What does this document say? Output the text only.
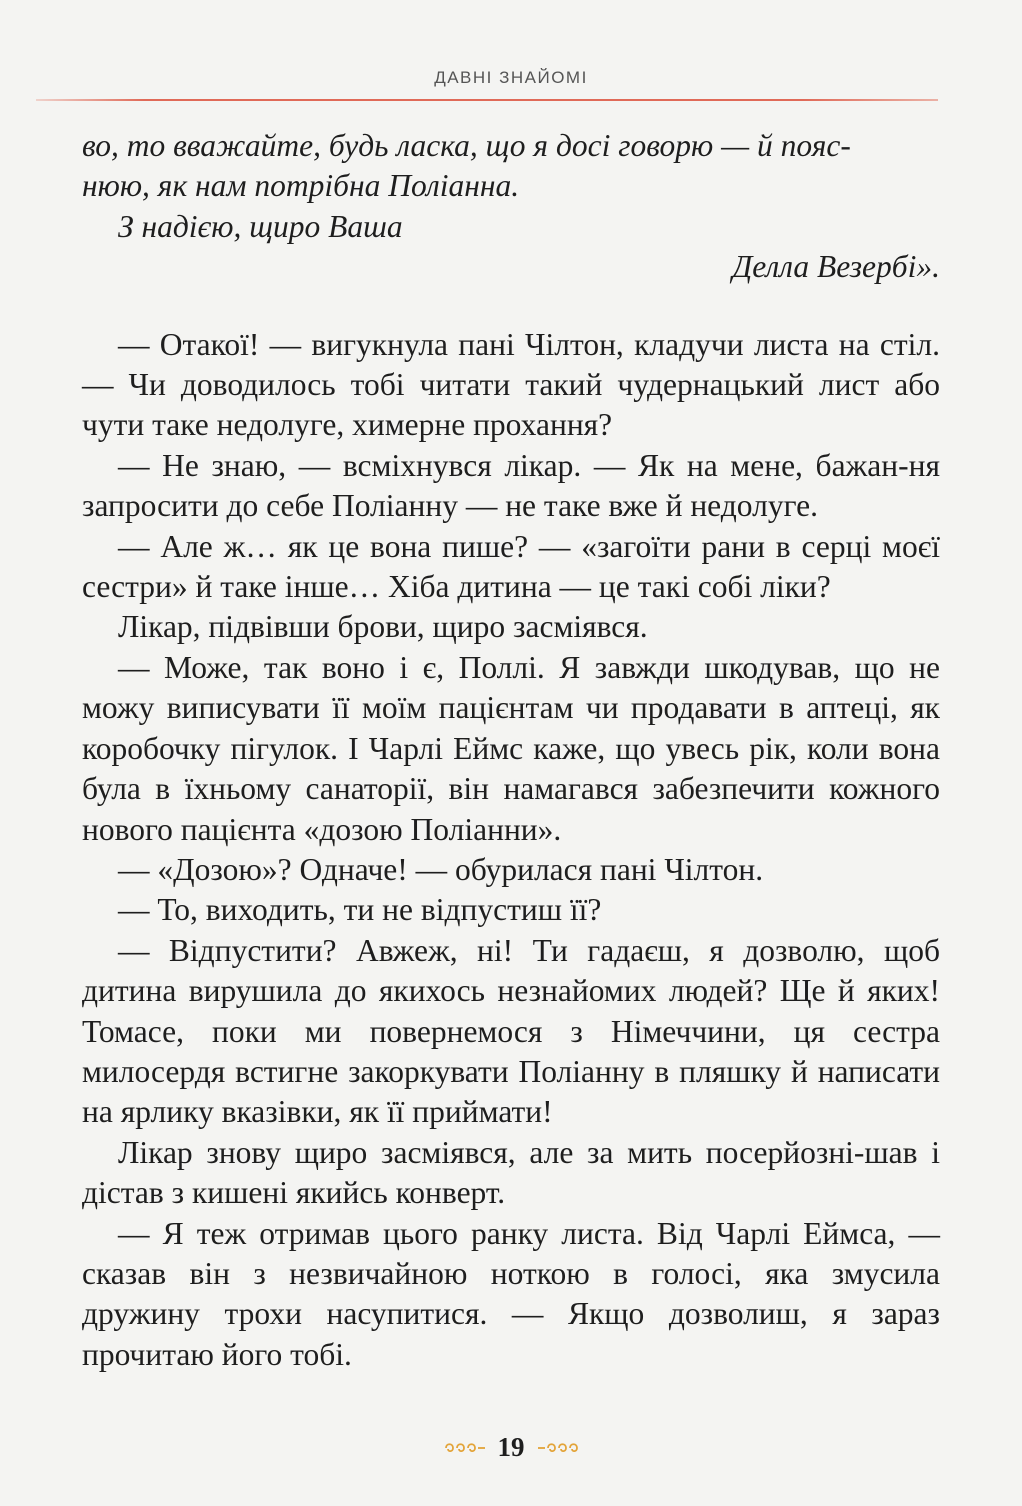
ДАВНІ ЗНАЙОМІ

во, то вважайте, будь ласка, що я досі говорю — й пояс-

нюю, як нам потрібна Поліанна.

З надією, щиро Ваша

Делла Везербі».

— Отакої! — вигукнула пані Чілтон, кладучи листа на стіл. — Чи доводилось тобі читати такий чудернацький лист або чути таке недолуге, химерне прохання?

— Не знаю, — всміхнувся лікар. — Як на мене, бажан-ня запросити до себе Поліанну — не таке вже й недолуге.

— Але ж… як це вона пише? — «загоїти рани в серці моєї сестри» й таке інше… Хіба дитина — це такі собі ліки?

Лікар, підвівши брови, щиро засміявся.

— Може, так воно і є, Поллі. Я завжди шкодував, що не можу виписувати її моїм пацієнтам чи продавати в аптеці, як коробочку пігулок. І Чарлі Еймс каже, що увесь рік, коли вона була в їхньому санаторії, він намагався забезпечити кожного нового пацієнта «дозою Поліанни».

— «Дозою»? Одначе! — обурилася пані Чілтон.

— То, виходить, ти не відпустиш її?

— Відпустити? Авжеж, ні! Ти гадаєш, я дозволю, щоб дитина вирушила до якихось незнайомих людей? Ще й яких! Томасе, поки ми повернемося з Німеччини, ця сестра милосердя встигне закоркувати Поліанну в пляшку й написати на ярлику вказівки, як її приймати!

Лікар знову щиро засміявся, але за мить посерйозні-шав і дістав з кишені якийсь конверт.

— Я теж отримав цього ранку листа. Від Чарлі Еймса, — сказав він з незвичайною ноткою в голосі, яка змусила дружину трохи насупитися. — Якщо дозволиш, я зараз прочитаю його тобі.

19
